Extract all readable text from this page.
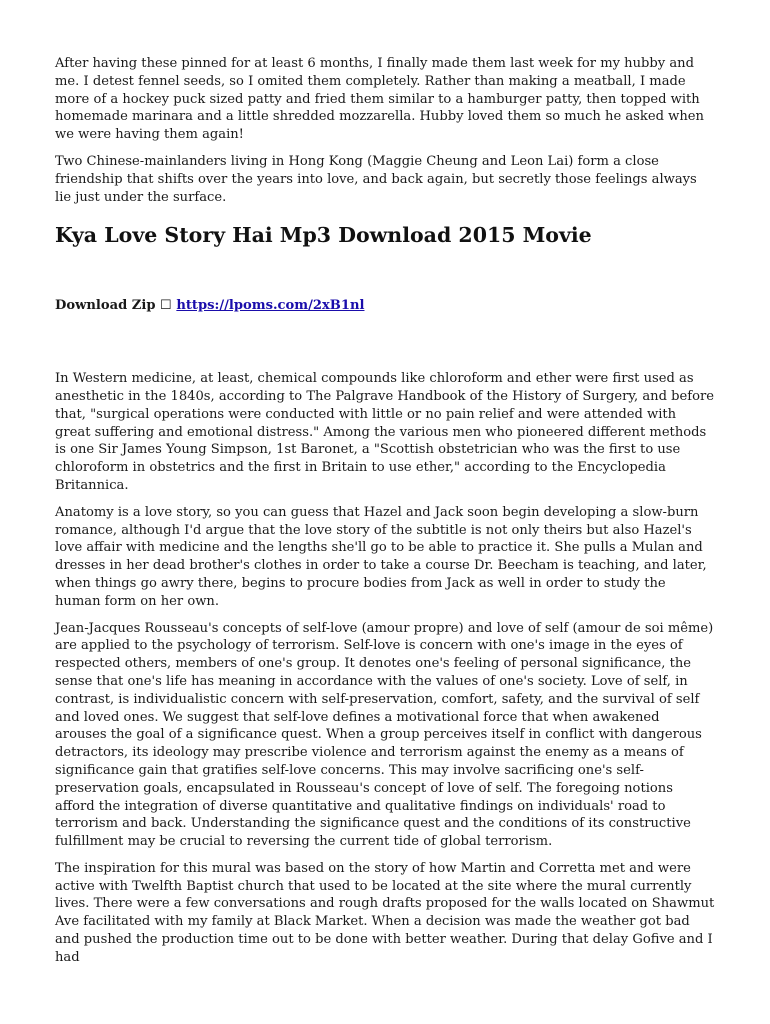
After having these pinned for at least 6 months, I finally made them last week for my hubby and me. I detest fennel seeds, so I omited them completely. Rather than making a meatball, I made more of a hockey puck sized patty and fried them similar to a hamburger patty, then topped with homemade marinara and a little shredded mozzarella. Hubby loved them so much he asked when we were having them again!

Two Chinese-mainlanders living in Hong Kong (Maggie Cheung and Leon Lai) form a close friendship that shifts over the years into love, and back again, but secretly those feelings always lie just under the surface.

Kya Love Story Hai Mp3 Download 2015 Movie
Download Zip ☐ https://lpoms.com/2xB1nl

In Western medicine, at least, chemical compounds like chloroform and ether were first used as anesthetic in the 1840s, according to The Palgrave Handbook of the History of Surgery, and before that, "surgical operations were conducted with little or no pain relief and were attended with great suffering and emotional distress." Among the various men who pioneered different methods is one Sir James Young Simpson, 1st Baronet, a "Scottish obstetrician who was the first to use chloroform in obstetrics and the first in Britain to use ether," according to the Encyclopedia Britannica.

Anatomy is a love story, so you can guess that Hazel and Jack soon begin developing a slow-burn romance, although I'd argue that the love story of the subtitle is not only theirs but also Hazel's love affair with medicine and the lengths she'll go to be able to practice it. She pulls a Mulan and dresses in her dead brother's clothes in order to take a course Dr. Beecham is teaching, and later, when things go awry there, begins to procure bodies from Jack as well in order to study the human form on her own.

Jean-Jacques Rousseau's concepts of self-love (amour propre) and love of self (amour de soi même) are applied to the psychology of terrorism. Self-love is concern with one's image in the eyes of respected others, members of one's group. It denotes one's feeling of personal significance, the sense that one's life has meaning in accordance with the values of one's society. Love of self, in contrast, is individualistic concern with self-preservation, comfort, safety, and the survival of self and loved ones. We suggest that self-love defines a motivational force that when awakened arouses the goal of a significance quest. When a group perceives itself in conflict with dangerous detractors, its ideology may prescribe violence and terrorism against the enemy as a means of significance gain that gratifies self-love concerns. This may involve sacrificing one's self-preservation goals, encapsulated in Rousseau's concept of love of self. The foregoing notions afford the integration of diverse quantitative and qualitative findings on individuals' road to terrorism and back. Understanding the significance quest and the conditions of its constructive fulfillment may be crucial to reversing the current tide of global terrorism.

The inspiration for this mural was based on the story of how Martin and Corretta met and were active with Twelfth Baptist church that used to be located at the site where the mural currently lives. There were a few conversations and rough drafts proposed for the walls located on Shawmut Ave facilitated with my family at Black Market. When a decision was made the weather got bad and pushed the production time out to be done with better weather. During that delay Gofive and I had
